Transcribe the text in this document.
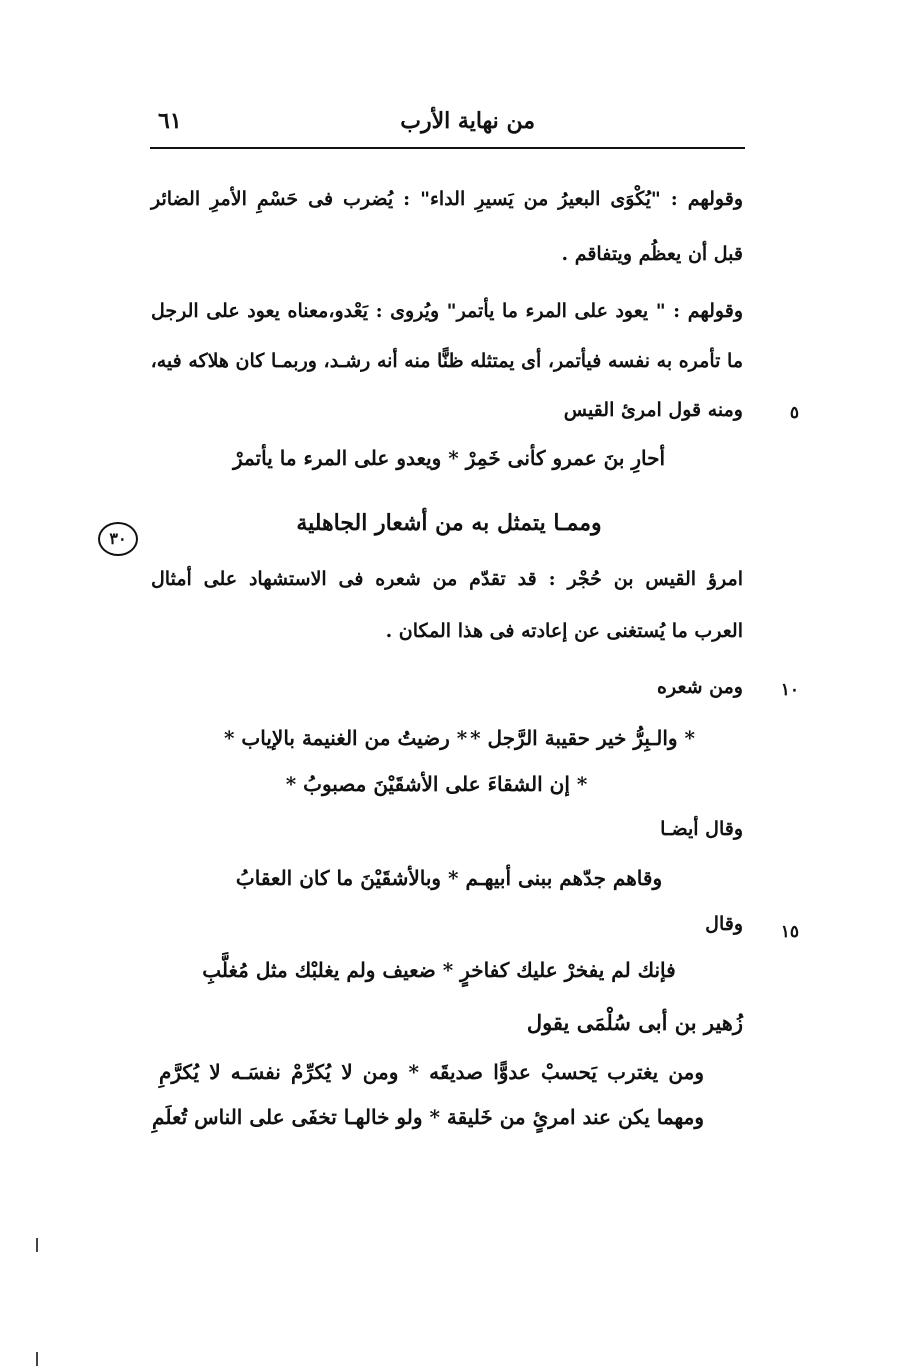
من نهاية الأرب
٦١
وقولهم : "يُكْوَى البعيرُ من يَسيرِ الداء" : يُضرب فى حَسْمِ الأمرِ الضائر
قبل أن يعظُم ويتفاقم .
وقولهم : " يعود على المرء ما يأتمر" ويُروى : يَعْدو،معناه يعود على الرجل
ما تأمره به نفسه فيأتمر، أى يمتثله ظنًّا منه أنه رشـد، وربمـا كان هلاكه فيه،
٥
ومنه قول امرئ القيس
أحارِ بنَ عمرو كأنى خَمِرْ * ويعدو على المرء ما يأتمرْ
وممـا يتمثل به من أشعار الجاهلية
٣٠
امرؤ القيس بن حُجْر : قد تقدّم من شعره فى الاستشهاد على أمثال
العرب ما يُستغنى عن إعادته فى هذا المكان .
١٠
ومن شعره
* والـبِرُّ خير حقيبة الرَّجل *
* رضيتُ من الغنيمة بالإياب *
* إن الشقاءَ على الأشقَيْنَ مصبوبُ *
وقال أيضـا
وقاهم جدّهم ببنى أبيهـم * وبالأشقَيْنَ ما كان العقابُ
١٥
وقال
فإنك لم يفخرْ عليك كفاخرٍ * ضعيف ولم يغلبْك مثل مُغلَّبِ
زُهير بن أبى سُلْمَى يقول
ومن يغترب يَحسبْ عدوًّا صديقَه * ومن لا يُكرِّمْ نفسَـه لا يُكرَّمِ
ومهما يكن عند امرئٍ من خَليقة * ولو خالهـا تخفَى على الناس تُعلَمِ
